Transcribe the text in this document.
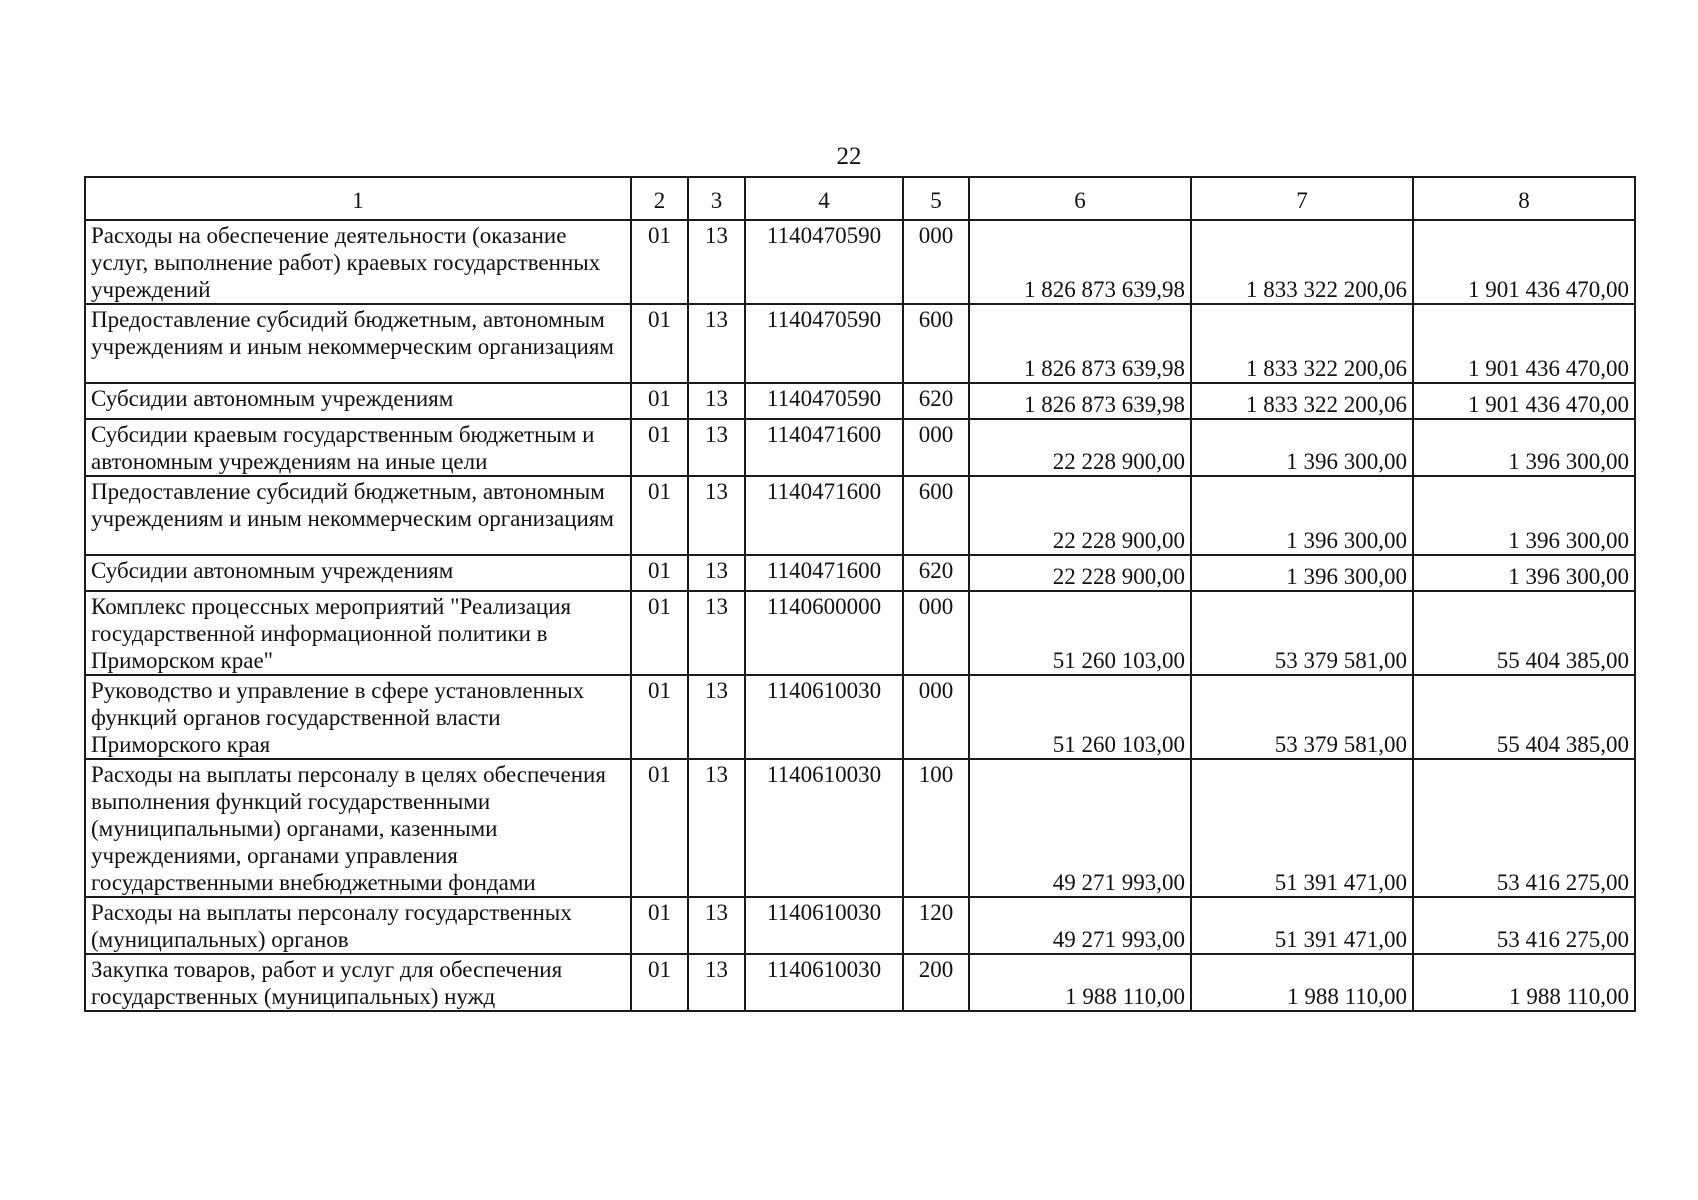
22
1	2	3	4	5	6	7	8
Расходы на обеспечение деятельности (оказание услуг, выполнение работ) краевых государственных учреждений	01	13	1140470590	000	1 826 873 639,98	1 833 322 200,06	1 901 436 470,00
Предоставление субсидий бюджетным, автономным учреждениям и иным некоммерческим организациям	01	13	1140470590	600	1 826 873 639,98	1 833 322 200,06	1 901 436 470,00
Субсидии автономным учреждениям	01	13	1140470590	620	1 826 873 639,98	1 833 322 200,06	1 901 436 470,00
Субсидии краевым государственным бюджетным и автономным учреждениям на иные цели	01	13	1140471600	000	22 228 900,00	1 396 300,00	1 396 300,00
Предоставление субсидий бюджетным, автономным учреждениям и иным некоммерческим организациям	01	13	1140471600	600	22 228 900,00	1 396 300,00	1 396 300,00
Субсидии автономным учреждениям	01	13	1140471600	620	22 228 900,00	1 396 300,00	1 396 300,00
Комплекс процессных мероприятий "Реализация государственной информационной политики в Приморском крае"	01	13	1140600000	000	51 260 103,00	53 379 581,00	55 404 385,00
Руководство и управление в сфере установленных функций органов государственной власти Приморского края	01	13	1140610030	000	51 260 103,00	53 379 581,00	55 404 385,00
Расходы на выплаты персоналу в целях обеспечения выполнения функций государственными (муниципальными) органами, казенными учреждениями, органами управления государственными внебюджетными фондами	01	13	1140610030	100	49 271 993,00	51 391 471,00	53 416 275,00
Расходы на выплаты персоналу государственных (муниципальных) органов	01	13	1140610030	120	49 271 993,00	51 391 471,00	53 416 275,00
Закупка товаров, работ и услуг для обеспечения государственных (муниципальных) нужд	01	13	1140610030	200	1 988 110,00	1 988 110,00	1 988 110,00
